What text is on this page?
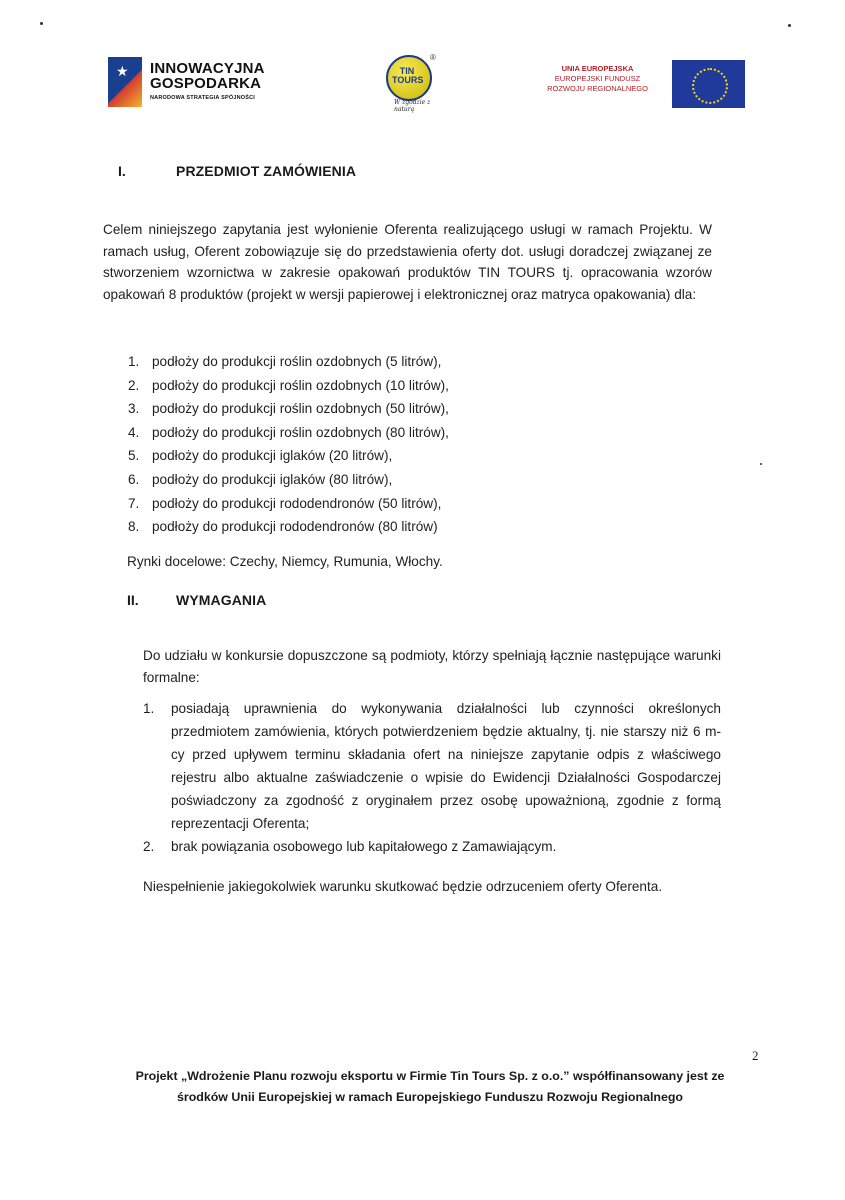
★ INNOWACYJNA
GOSPODARKA
NARODOWA STRATEGIA SPÓJNOŚCI
TIN TOURS
®
W zgodzie z naturą
UNIA EUROPEJSKA
EUROPEJSKI FUNDUSZ
ROZWOJU REGIONALNEGO
I.	PRZEDMIOT ZAMÓWIENIA
Celem niniejszego zapytania jest wyłonienie Oferenta realizującego usługi w ramach Projektu. W ramach usług, Oferent zobowiązuje się do przedstawienia oferty dot. usługi doradczej związanej ze stworzeniem wzornictwa w zakresie opakowań produktów TIN TOURS tj. opracowania wzorów opakowań 8 produktów (projekt w wersji papierowej i elektronicznej oraz matryca opakowania) dla:
1. podłoży do produkcji roślin ozdobnych (5 litrów),
2. podłoży do produkcji roślin ozdobnych (10 litrów),
3. podłoży do produkcji roślin ozdobnych (50 litrów),
4. podłoży do produkcji roślin ozdobnych (80 litrów),
5. podłoży do produkcji iglaków (20 litrów),
6. podłoży do produkcji iglaków (80 litrów),
7. podłoży do produkcji rododendronów (50 litrów),
8. podłoży do produkcji rododendronów (80 litrów)
Rynki docelowe: Czechy, Niemcy, Rumunia, Włochy.
II.	WYMAGANIA
Do udziału w konkursie dopuszczone są podmioty, którzy spełniają łącznie następujące warunki formalne:
1. posiadają uprawnienia do wykonywania działalności lub czynności określonych przedmiotem zamówienia, których potwierdzeniem będzie aktualny, tj. nie starszy niż 6 m-cy przed upływem terminu składania ofert na niniejsze zapytanie odpis z właściwego rejestru albo aktualne zaświadczenie o wpisie do Ewidencji Działalności Gospodarczej poświadczony za zgodność z oryginałem przez osobę upoważnioną, zgodnie z formą reprezentacji Oferenta;
2. brak powiązania osobowego lub kapitałowego z Zamawiającym.
Niespełnienie jakiegokolwiek warunku skutkować będzie odrzuceniem oferty Oferenta.
2
Projekt „Wdrożenie Planu rozwoju eksportu w Firmie Tin Tours Sp. z o.o.” współfinansowany jest ze
środków Unii Europejskiej w ramach Europejskiego Funduszu Rozwoju Regionalnego
